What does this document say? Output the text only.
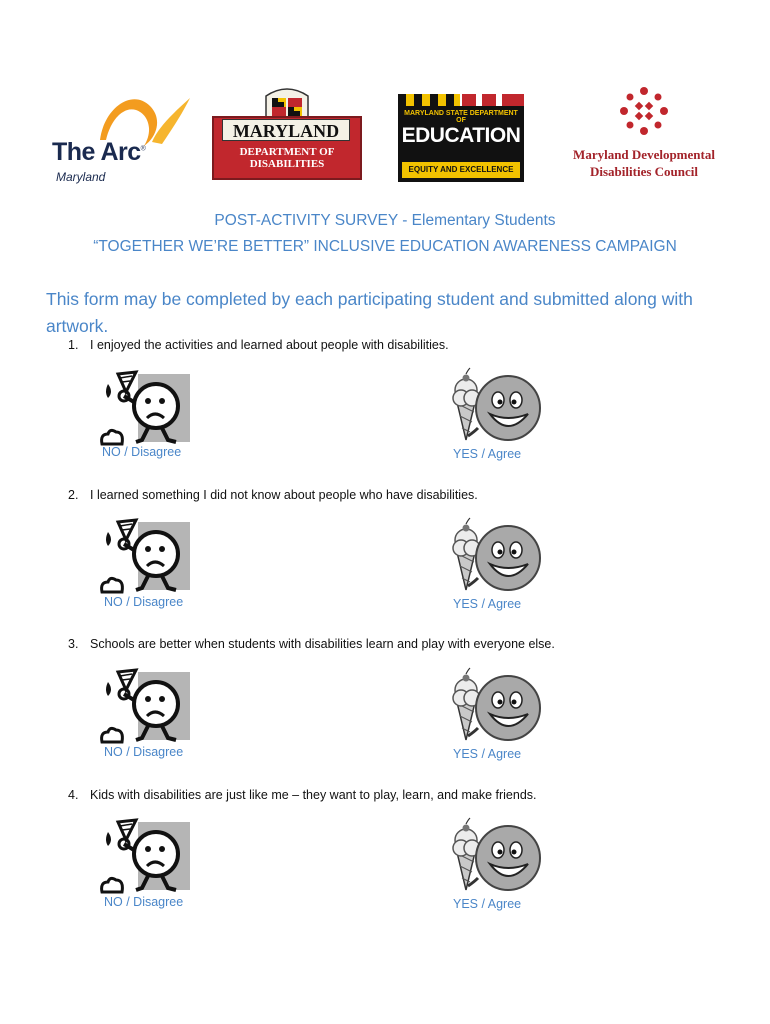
The Arc®
Maryland
MARYLAND
DEPARTMENT OF
DISABILITIES
MARYLAND STATE DEPARTMENT OF
EDUCATION
EQUITY AND EXCELLENCE
Maryland Developmental
Disabilities Council
POST-ACTIVITY SURVEY - Elementary Students
“TOGETHER WE’RE BETTER” INCLUSIVE EDUCATION AWARENESS CAMPAIGN
This form may be completed by each participating student and submitted along with artwork.
1. I enjoyed the activities and learned about people with disabilities.
NO / Disagree	YES / Agree
2. I learned something I did not know about people who have disabilities.
NO / Disagree	YES / Agree
3. Schools are better when students with disabilities learn and play with everyone else.
NO / Disagree	YES / Agree
4. Kids with disabilities are just like me – they want to play, learn, and make friends.
NO / Disagree	YES / Agree
